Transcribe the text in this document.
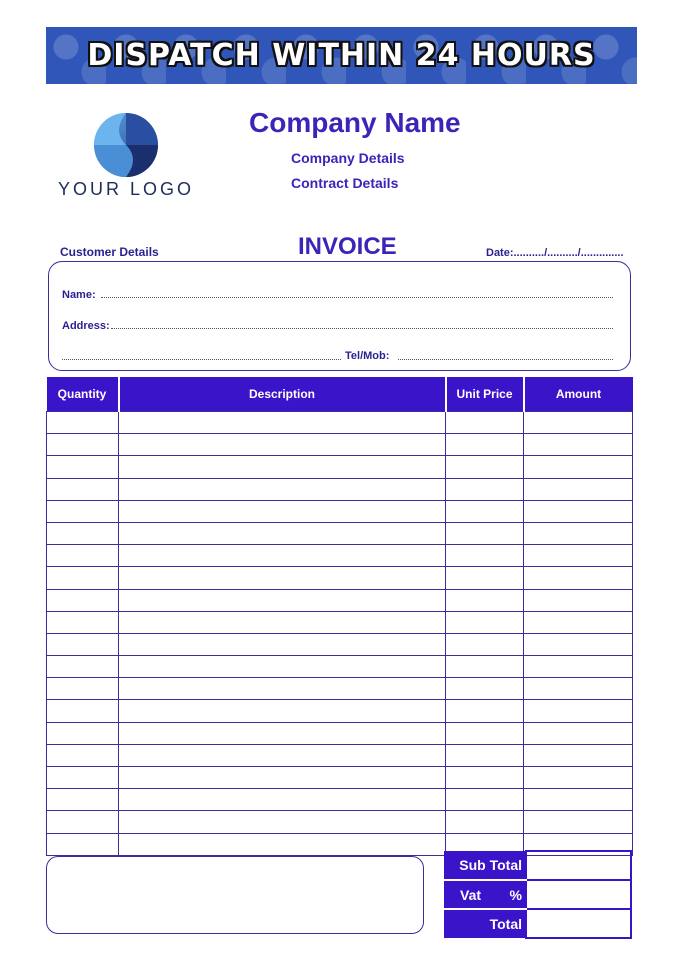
DISPATCH WITHIN 24 HOURS
YOUR LOGO
Company Name
Company Details
Contract Details
Customer Details	INVOICE	Date:........../........../..............
Name:
Address:
Tel/Mob:
Quantity	Description	Unit Price	Amount

Sub Total	

Vat %	

Total	
